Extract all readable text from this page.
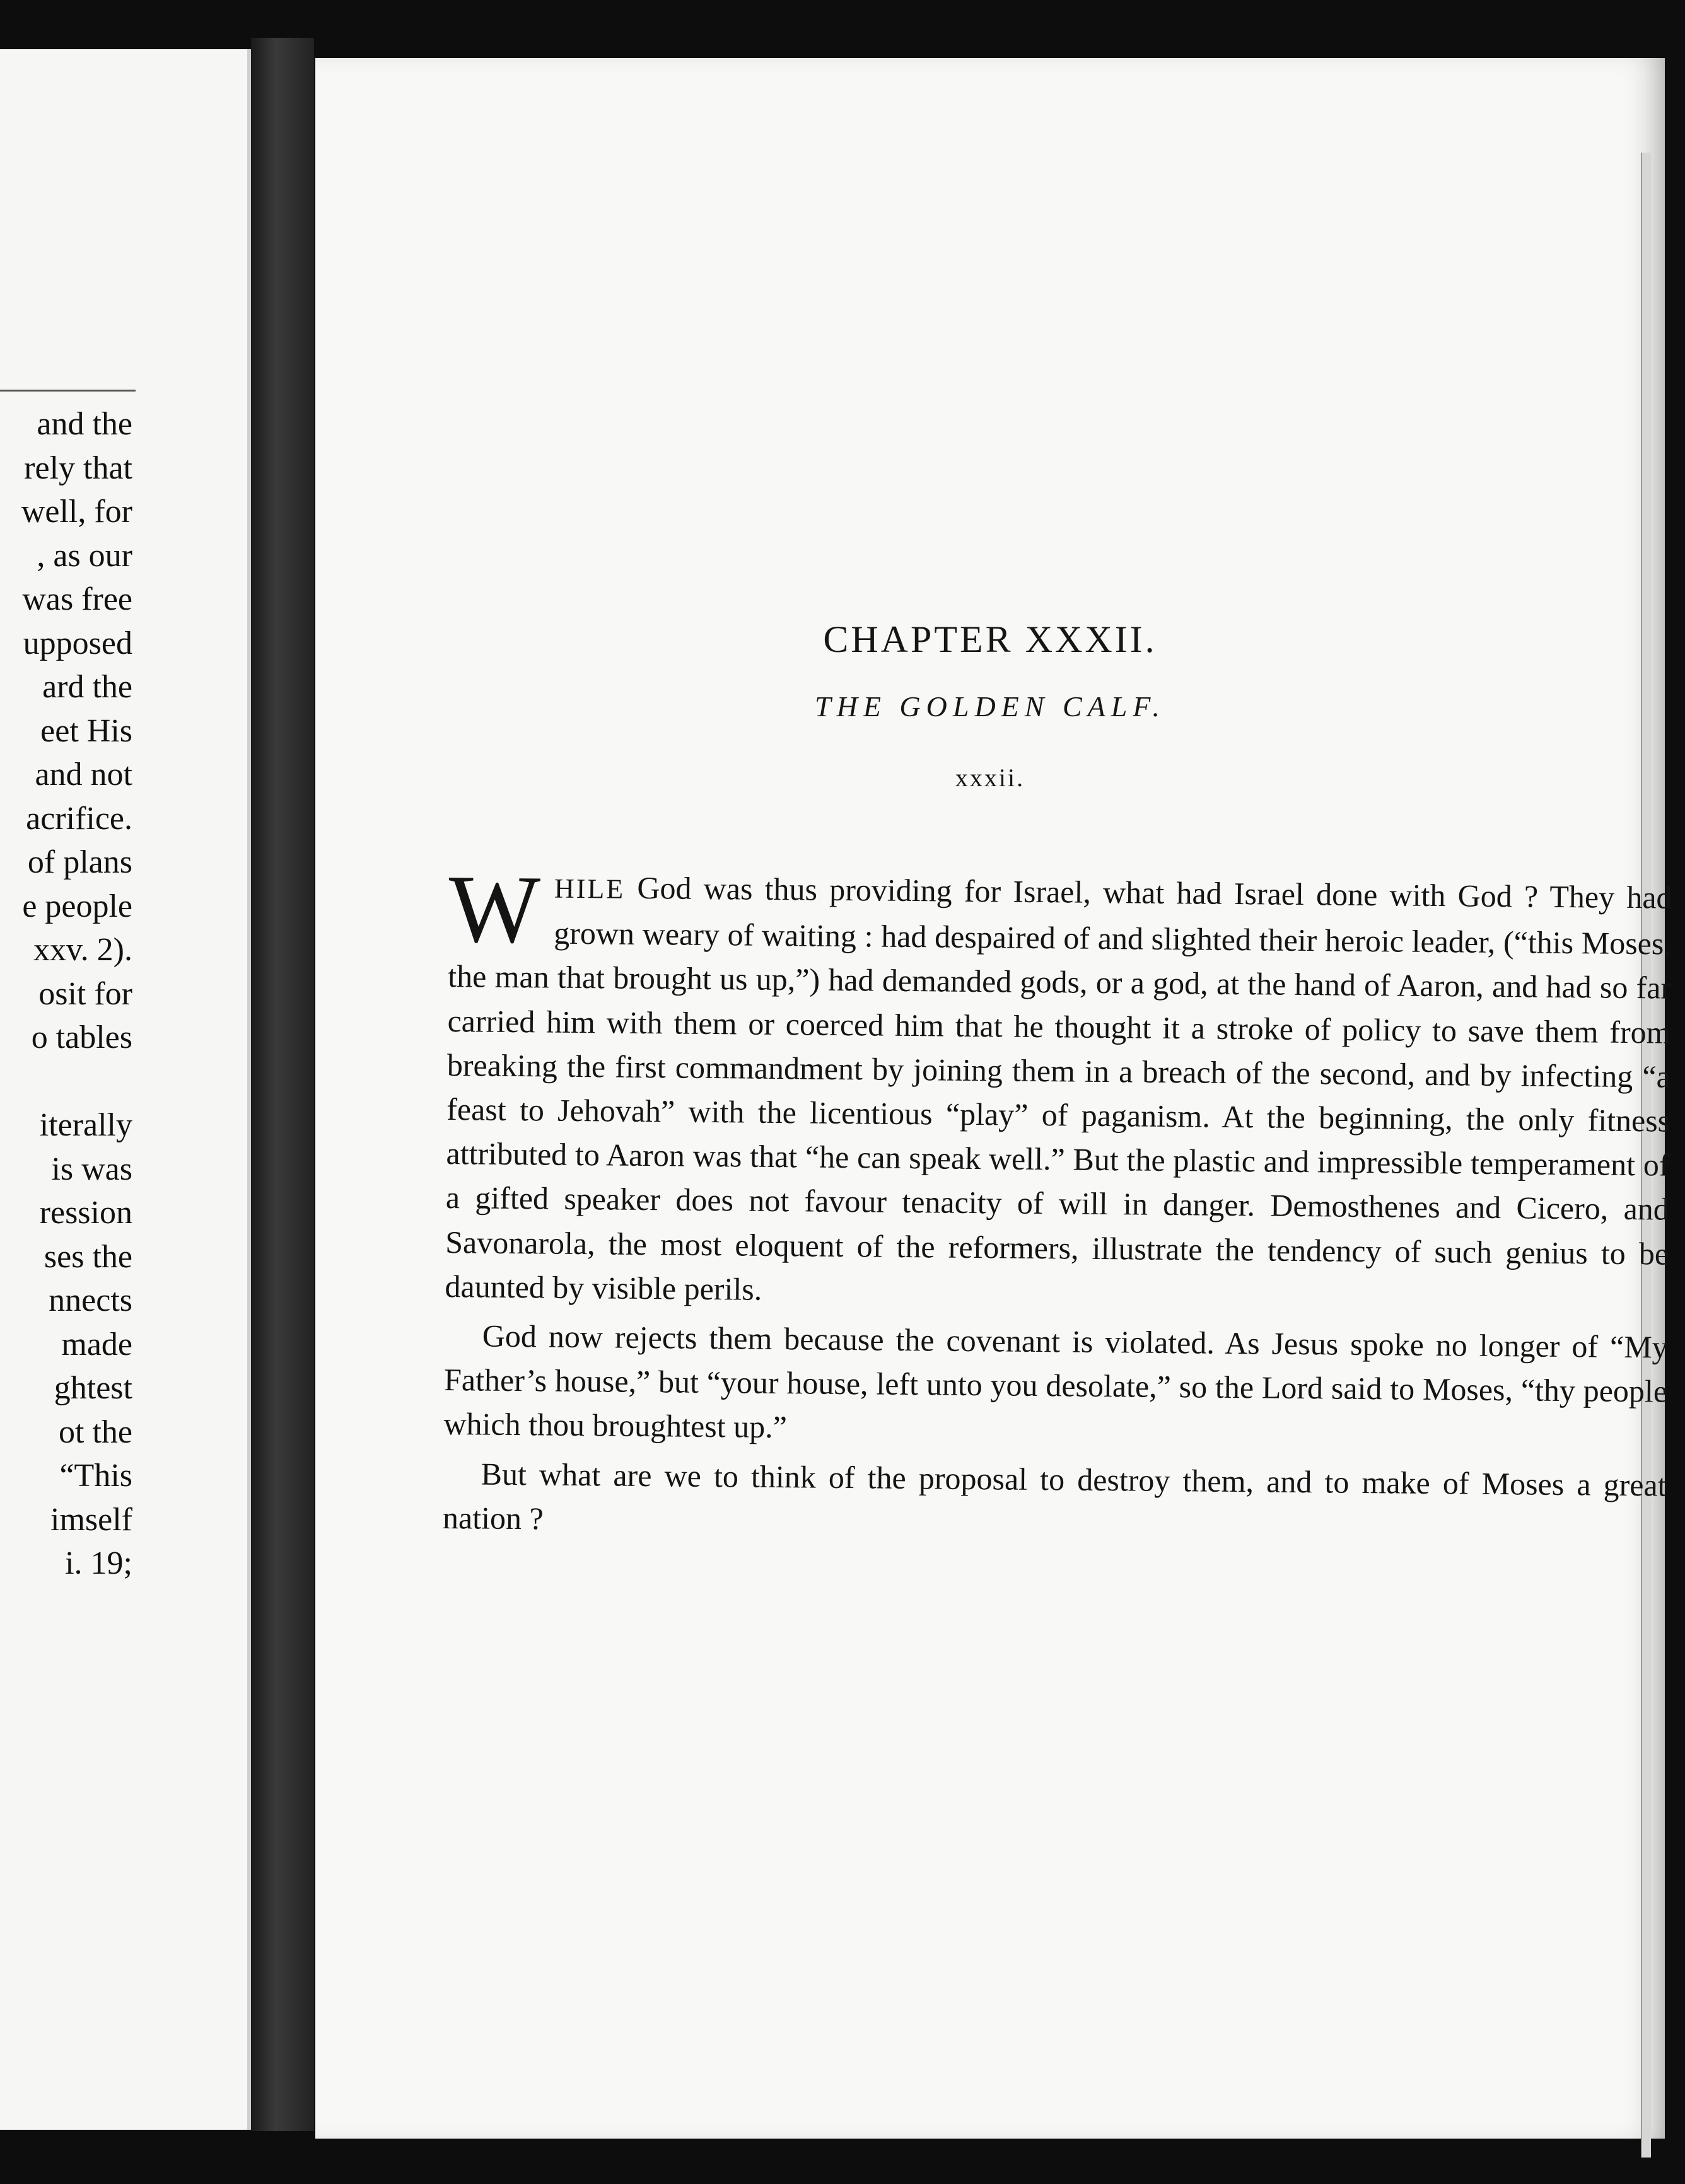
and the
rely that
well, for
, as our
was free
upposed
ard the
eet His
and not
acrifice.
of plans
e people
xxv. 2).
osit for
o tables
iterally
is was
ression
ses the
nnects
made
ghtest
ot the
“This
imself
i. 19;
CHAPTER XXXII.
THE GOLDEN CALF.
xxxii.

WHILE God was thus providing for Israel, what had Israel done with God ? They had grown weary of waiting : had despaired of and slighted their heroic leader, (“this Moses, the man that brought us up,”) had demanded gods, or a god, at the hand of Aaron, and had so far carried him with them or coerced him that he thought it a stroke of policy to save them from breaking the first commandment by joining them in a breach of the second, and by infecting “a feast to Jehovah” with the licentious “play” of paganism. At the beginning, the only fitness attributed to Aaron was that “he can speak well.” But the plastic and impressible temperament of a gifted speaker does not favour tenacity of will in danger. Demosthenes and Cicero, and Savonarola, the most eloquent of the reformers, illustrate the tendency of such genius to be daunted by visible perils.

God now rejects them because the covenant is violated. As Jesus spoke no longer of “My Father’s house,” but “your house, left unto you desolate,” so the Lord said to Moses, “thy people which thou broughtest up.”

But what are we to think of the proposal to destroy them, and to make of Moses a great nation ?
